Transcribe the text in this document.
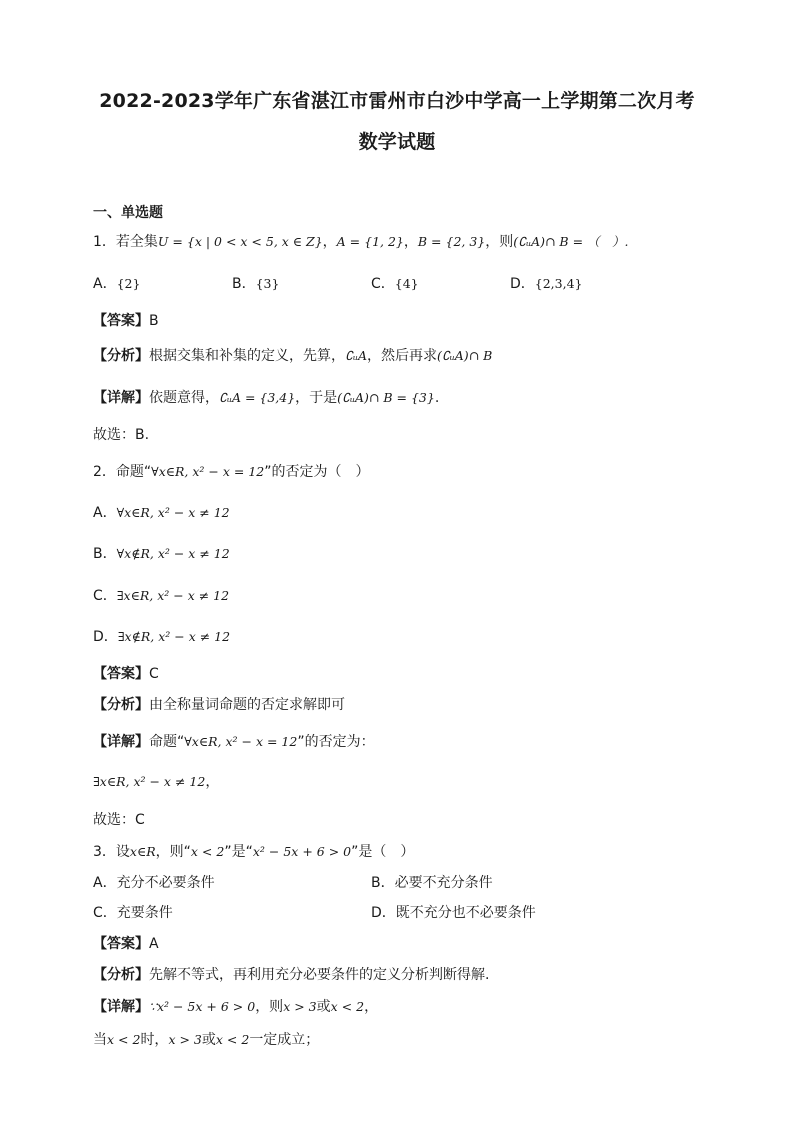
2022-2023学年广东省湛江市雷州市白沙中学高一上学期第二次月考
数学试题
一、单选题
1．若全集U = {x | 0 < x < 5, x ∈ Z}，A = {1, 2}，B = {2, 3}，则(∁ᵤA)∩ B = （　）.
A．{2}	B．{3}	C．{4}	D．{2,3,4}
【答案】B
【分析】根据交集和补集的定义，先算，∁ᵤA，然后再求(∁ᵤA)∩ B
【详解】依题意得，∁ᵤA = {3,4}，于是(∁ᵤA)∩ B = {3}.
故选：B.
2．命题“∀x∈R, x² − x = 12”的否定为（　）
A．∀x∈R, x² − x ≠ 12
B．∀x∉R, x² − x ≠ 12
C．∃x∈R, x² − x ≠ 12
D．∃x∉R, x² − x ≠ 12
【答案】C
【分析】由全称量词命题的否定求解即可
【详解】命题“∀x∈R, x² − x = 12”的否定为：
∃x∈R, x² − x ≠ 12，
故选：C
3．设x∈R，则“x < 2”是“x² − 5x + 6 > 0”是（　）
A．充分不必要条件	B．必要不充分条件
C．充要条件	D．既不充分也不必要条件
【答案】A
【分析】先解不等式，再利用充分必要条件的定义分析判断得解.
【详解】∵x² − 5x + 6 > 0，则x > 3或x < 2，
当x < 2时，x > 3或x < 2一定成立；
